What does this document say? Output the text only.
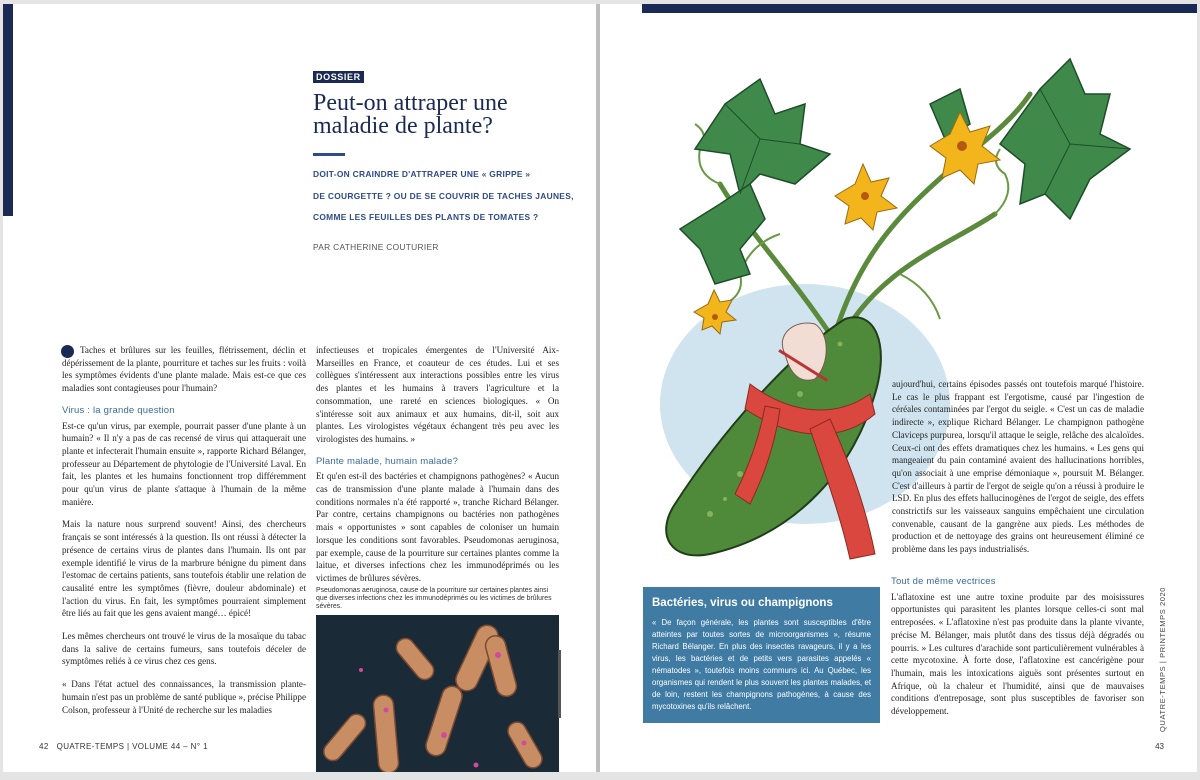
DOSSIER
Peut-on attraper une maladie de plante?
DOIT-ON CRAINDRE D'ATTRAPER UNE « GRIPPE »
DE COURGETTE ? OU DE SE COUVRIR DE TACHES JAUNES,
COMME LES FEUILLES DES PLANTS DE TOMATES ?
PAR CATHERINE COUTURIER

Taches et brûlures sur les feuilles, flétrissement, déclin et dépérissement de la plante, pourriture et taches sur les fruits : voilà les symptômes évidents d'une plante malade. Mais est-ce que ces maladies sont contagieuses pour l'humain?

Virus : la grande question

Est-ce qu'un virus, par exemple, pourrait passer d'une plante à un humain? « Il n'y a pas de cas recensé de virus qui attaquerait une plante et infecterait l'humain ensuite », rapporte Richard Bélanger, professeur au Département de phytologie de l'Université Laval. En fait, les plantes et les humains fonctionnent trop différemment pour qu'un virus de plante s'attaque à l'humain de la même manière.

Mais la nature nous surprend souvent! Ainsi, des chercheurs français se sont intéressés à la question. Ils ont réussi à détecter la présence de certains virus de plantes dans l'humain. Ils ont par exemple identifié le virus de la marbrure bénigne du piment dans l'estomac de certains patients, sans toutefois établir une relation de causalité entre les symptômes (fièvre, douleur abdominale) et l'action du virus. En fait, les symptômes pourraient simplement être liés au fait que les gens avaient mangé… épicé!

Les mêmes chercheurs ont trouvé le virus de la mosaïque du tabac dans la salive de certains fumeurs, sans toutefois déceler de symptômes reliés à ce virus chez ces gens.

« Dans l'état actuel des connaissances, la transmission plante-humain n'est pas un problème de santé publique », précise Philippe Colson, professeur à l'Unité de recherche sur les maladies

infectieuses et tropicales émergentes de l'Université Aix-Marseilles en France, et coauteur de ces études. Lui et ses collègues s'intéressent aux interactions possibles entre les virus des plantes et les humains à travers l'agriculture et la consommation, une rareté en sciences biologiques. « On s'intéresse soit aux animaux et aux humains, dit-il, soit aux plantes. Les virologistes végétaux échangent très peu avec les virologistes des humains. »

Plante malade, humain malade?

Et qu'en est-il des bactéries et champignons pathogènes? « Aucun cas de transmission d'une plante malade à l'humain dans des conditions normales n'a été rapporté », tranche Richard Bélanger. Par contre, certains champignons ou bactéries non pathogènes mais « opportunistes » sont capables de coloniser un humain lorsque les conditions sont favorables. Pseudomonas aeruginosa, par exemple, cause de la pourriture sur certaines plantes comme la laitue, et diverses infections chez les immunodéprimés ou les victimes de brûlures sévères.

Pseudomonas aeruginosa, cause de la pourriture sur certaines plantes ainsi que diverses infections chez les immunodéprimés ou les victimes de brûlures sévères.
42 QUATRE-TEMPS | VOLUME 44 – N° 1

aujourd'hui, certains épisodes passés ont toutefois marqué l'histoire. Le cas le plus frappant est l'ergotisme, causé par l'ingestion de céréales contaminées par l'ergot du seigle. « C'est un cas de maladie indirecte », explique Richard Bélanger. Le champignon pathogène Claviceps purpurea, lorsqu'il attaque le seigle, relâche des alcaloïdes. Ceux-ci ont des effets dramatiques chez les humains. « Les gens qui mangeaient du pain contaminé avaient des hallucinations horribles, qu'on associait à une emprise démoniaque », poursuit M. Bélanger. C'est d'ailleurs à partir de l'ergot de seigle qu'on a réussi à produire le LSD. En plus des effets hallucinogènes de l'ergot de seigle, des effets constrictifs sur les vaisseaux sanguins empêchaient une circulation convenable, causant de la gangrène aux pieds. Les méthodes de production et de nettoyage des grains ont heureusement éliminé ce problème dans les pays industrialisés.

Tout de même vectrices

L'aflatoxine est une autre toxine produite par des moisissures opportunistes qui parasitent les plantes lorsque celles-ci sont mal entreposées. « L'aflatoxine n'est pas produite dans la plante vivante, précise M. Bélanger, mais plutôt dans des tissus déjà dégradés ou pourris. » Les cultures d'arachide sont particulièrement vulnérables à cette mycotoxine. À forte dose, l'aflatoxine est cancérigène pour l'humain, mais les intoxications aiguës sont présentes surtout en Afrique, où la chaleur et l'humidité, ainsi que de mauvaises conditions d'entreposage, sont plus susceptibles de favoriser son développement.

Bactéries, virus ou champignons
« De façon générale, les plantes sont susceptibles d'être atteintes par toutes sortes de microorganismes », résume Richard Bélanger. En plus des insectes ravageurs, il y a les virus, les bactéries et de petits vers parasites appelés « nématodes », toutefois moins communs ici. Au Québec, les organismes qui rendent le plus souvent les plantes malades, et de loin, restent les champignons pathogènes, à cause des mycotoxines qu'ils relâchent.	QUATRE-TEMPS | PRINTEMPS 2020
43
